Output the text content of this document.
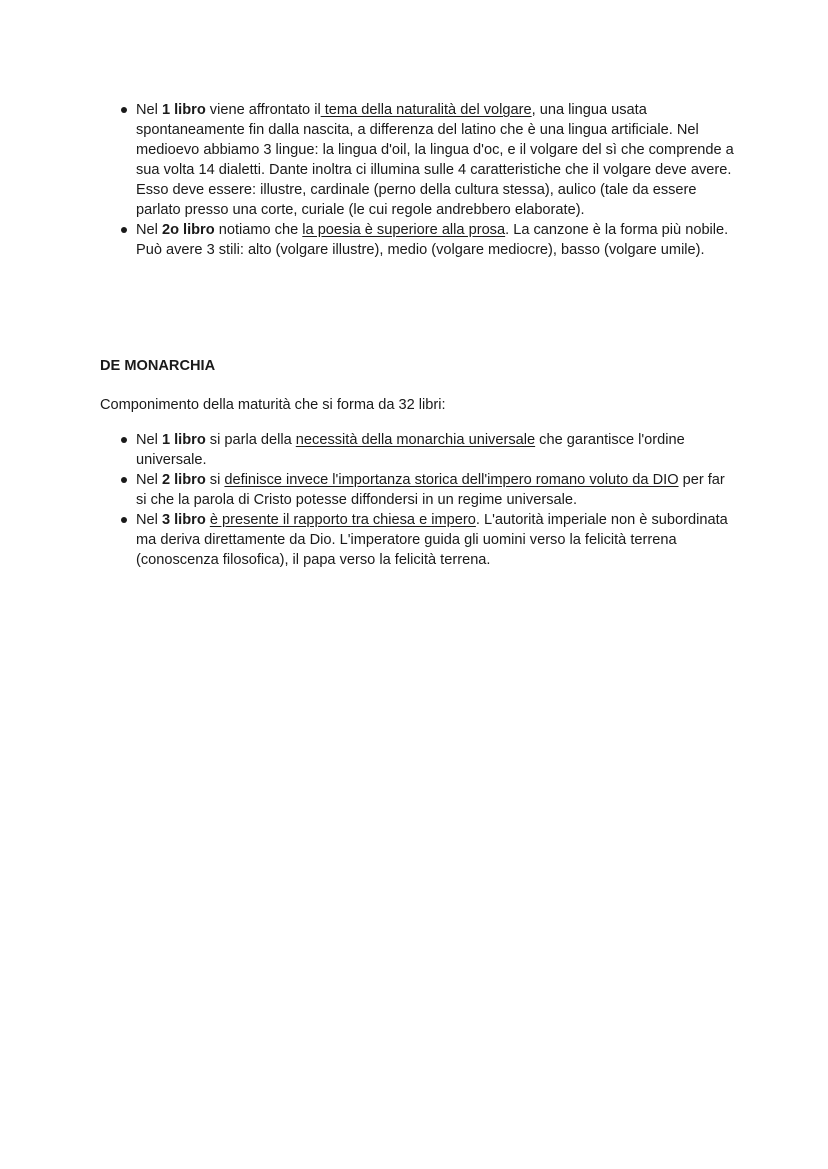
Nel 1 libro viene affrontato il tema della naturalità del volgare, una lingua usata spontaneamente fin dalla nascita, a differenza del latino che è una lingua artificiale. Nel medioevo abbiamo 3 lingue: la lingua d'oil, la lingua d'oc, e il volgare del sì che comprende a sua volta 14 dialetti. Dante inoltra ci illumina sulle 4 caratteristiche che il volgare deve avere. Esso deve essere: illustre, cardinale (perno della cultura stessa), aulico (tale da essere parlato presso una corte, curiale (le cui regole andrebbero elaborate).
Nel 2o libro notiamo che la poesia è superiore alla prosa. La canzone è la forma più nobile. Può avere 3 stili: alto (volgare illustre), medio (volgare mediocre), basso (volgare umile).
DE MONARCHIA

Componimento della maturità che si forma da 32 libri:

Nel 1 libro si parla della necessità della monarchia universale che garantisce l'ordine universale.
Nel 2 libro si definisce invece l'importanza storica dell'impero romano voluto da DIO per far si che la parola di Cristo potesse diffondersi in un regime universale.
Nel 3 libro è presente il rapporto tra chiesa e impero. L'autorità imperiale non è subordinata ma deriva direttamente da Dio. L'imperatore guida gli uomini verso la felicità terrena (conoscenza filosofica), il papa verso la felicità terrena.
